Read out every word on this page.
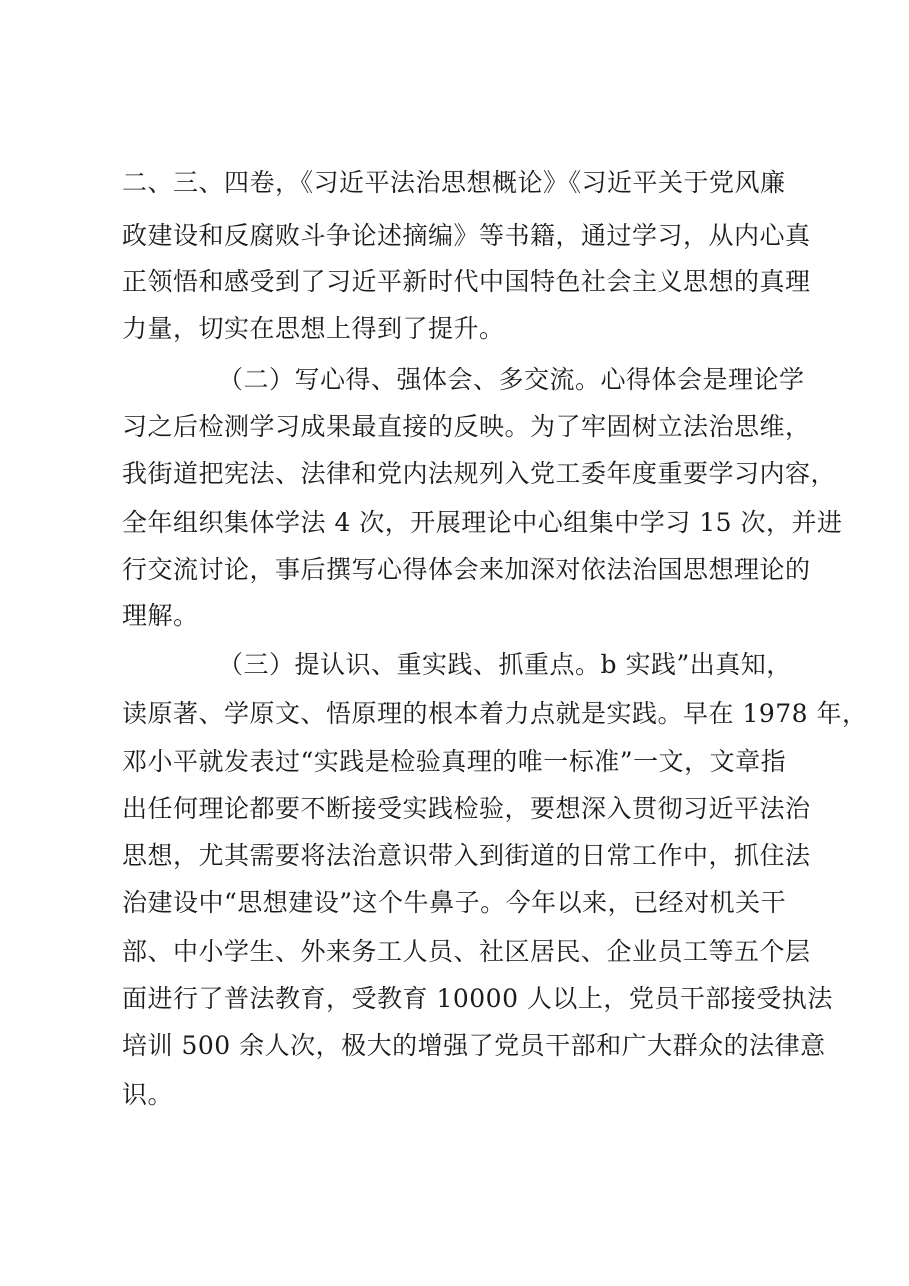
二、三、四卷，《习近平法治思想概论》《习近平关于党风廉
政建设和反腐败斗争论述摘编》等书籍，通过学习，从内心真
正领悟和感受到了习近平新时代中国特色社会主义思想的真理
力量，切实在思想上得到了提升。
（二）写心得、强体会、多交流。心得体会是理论学
习之后检测学习成果最直接的反映。为了牢固树立法治思维，
我街道把宪法、法律和党内法规列入党工委年度重要学习内容，
全年组织集体学法 4 次，开展理论中心组集中学习 15 次，并进
行交流讨论，事后撰写心得体会来加深对依法治国思想理论的
理解。
（三）提认识、重实践、抓重点。b 实践”出真知，
读原著、学原文、悟原理的根本着力点就是实践。早在 1978 年，
邓小平就发表过“实践是检验真理的唯一标准”一文，文章指
出任何理论都要不断接受实践检验，要想深入贯彻习近平法治
思想，尤其需要将法治意识带入到街道的日常工作中，抓住法
治建设中“思想建设”这个牛鼻子。今年以来，已经对机关干
部、中小学生、外来务工人员、社区居民、企业员工等五个层
面进行了普法教育，受教育 10000 人以上，党员干部接受执法
培训 500 余人次，极大的增强了党员干部和广大群众的法律意
识。
